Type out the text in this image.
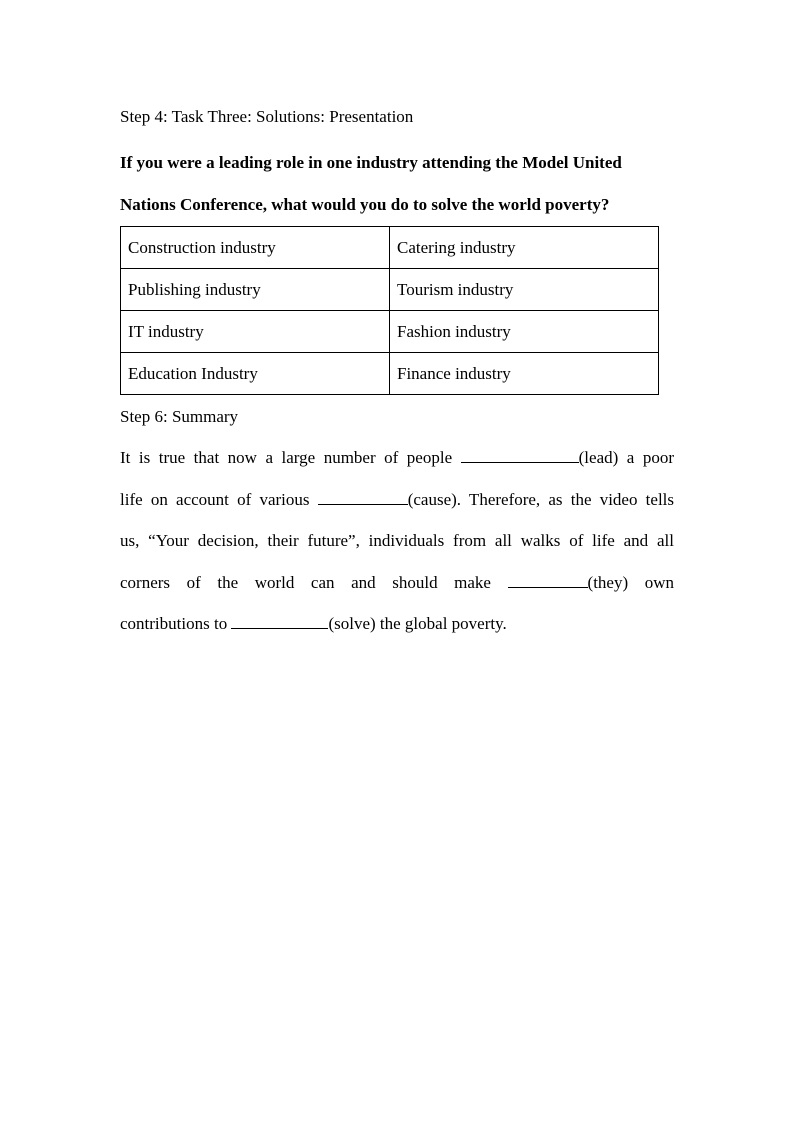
Step 4: Task Three: Solutions: Presentation

If you were a leading role in one industry attending the Model United

Nations Conference, what would you do to solve the world poverty?

Construction industry	Catering industry
Publishing industry	Tourism industry
IT industry	Fashion industry
Education Industry	Finance industry
Step 6: Summary
It is true that now a large number of people	(lead) a poor
life on account of various	(cause). Therefore, as the video tells
us, “Your decision, their future”, individuals from all walks of life and all
corners of the world can and should make	(they) own
contributions to	(solve) the global poverty.
